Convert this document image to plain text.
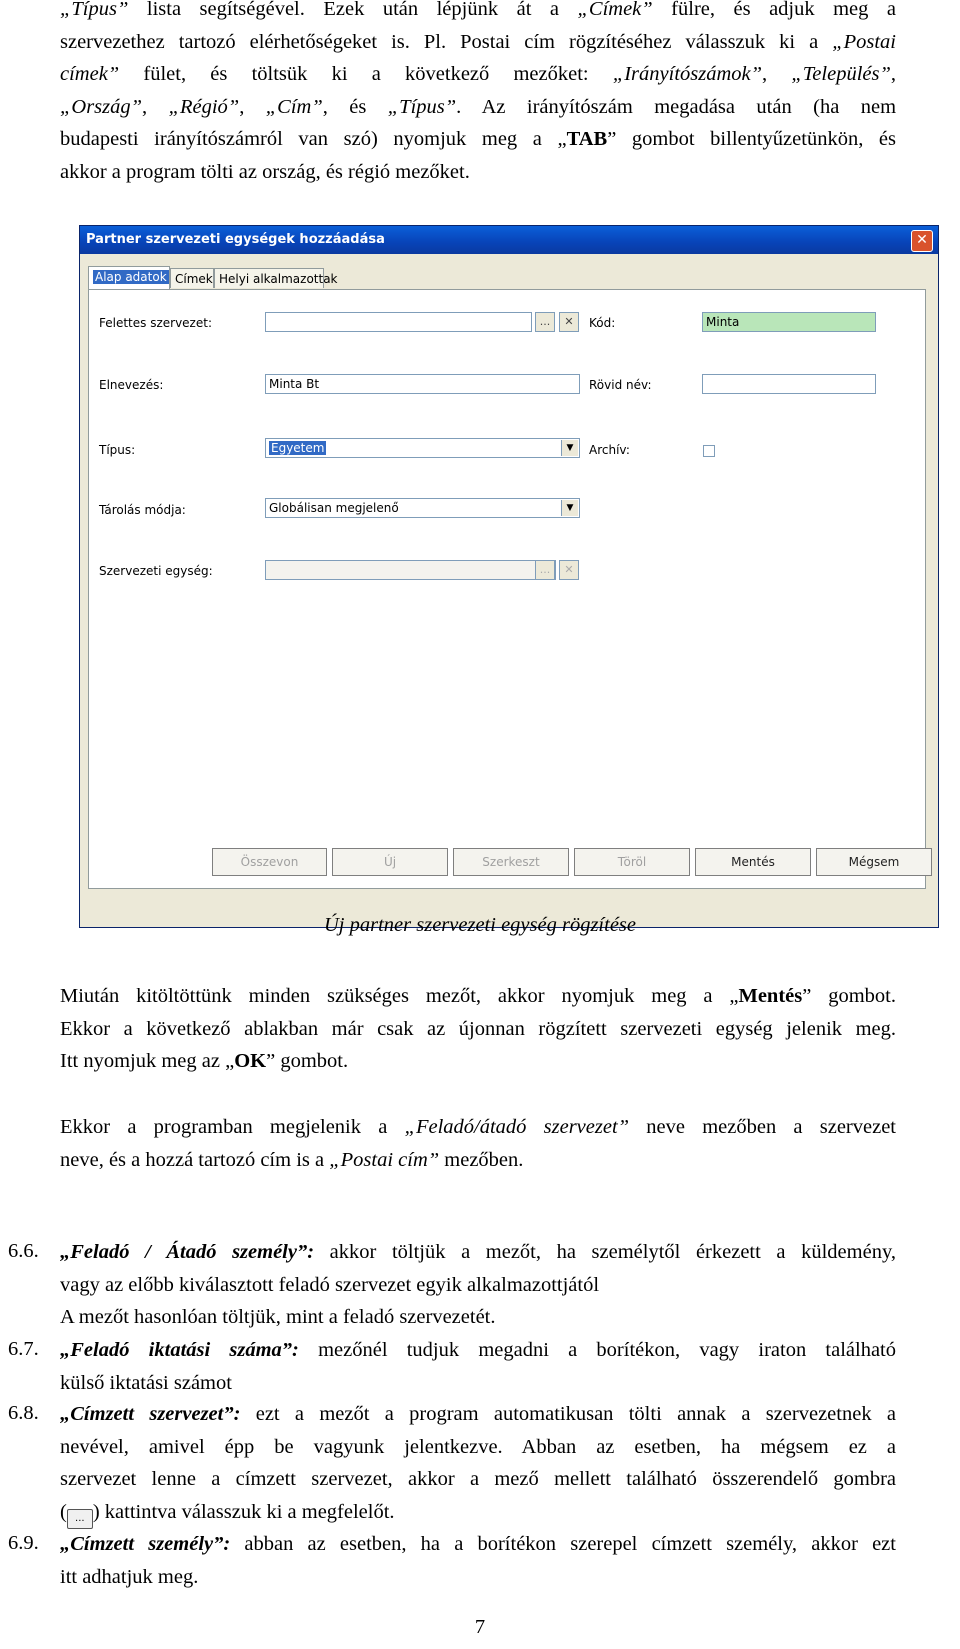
„Típus” lista segítségével. Ezek után lépjünk át a „Címek” fülre, és adjuk meg a
szervezethez tartozó elérhetőségeket is. Pl. Postai cím rögzítéséhez válasszuk ki a „Postai
címek” fület, és töltsük ki a következő mezőket: „Irányítószámok”, „Település”,
„Ország”, „Régió”, „Cím”, és „Típus”. Az irányítószám megadása után (ha nem
budapesti irányítószámról van szó) nyomjuk meg a „TAB” gombot billentyűzetünkön, és
akkor a program tölti az ország, és régió mezőket.
Partner szervezeti egységek hozzáadása	✕
Alap adatok Címek Helyi alkalmazottak
Felettes szervezet:	...	✕	Kód:	Minta
Elnevezés:	Minta Bt	Rövid név:
Típus:	Egyetem	▼	Archív:
Tárolás módja:	Globálisan megjelenő	▼
Szervezeti egység:	...	✕
Összevon	Új	Szerkeszt	Töröl	Mentés	Mégsem
Új partner szervezeti egység rögzítése
Miután kitöltöttünk minden szükséges mezőt, akkor nyomjuk meg a „Mentés” gombot.
Ekkor a következő ablakban már csak az újonnan rögzített szervezeti egység jelenik meg.
Itt nyomjuk meg az „OK” gombot.
Ekkor a programban megjelenik a „Feladó/átadó szervezet” neve mezőben a szervezet
neve, és a hozzá tartozó cím is a „Postai cím” mezőben.
6.6. „Feladó / Átadó személy”: akkor töltjük a mezőt, ha személytől érkezett a küldemény,
vagy az előbb kiválasztott feladó szervezet egyik alkalmazottjától
A mezőt hasonlóan töltjük, mint a feladó szervezetét.
6.7. „Feladó iktatási száma”: mezőnél tudjuk megadni a borítékon, vagy iraton található
külső iktatási számot
6.8. „Címzett szervezet”: ezt a mezőt a program automatikusan tölti annak a szervezetnek a
nevével, amivel épp be vagyunk jelentkezve. Abban az esetben, ha mégsem ez a
szervezet lenne a címzett szervezet, akkor a mező mellett található összerendelő gombra
( ... ) kattintva válasszuk ki a megfelelőt.
6.9. „Címzett személy”: abban az esetben, ha a borítékon szerepel címzett személy, akkor ezt
itt adhatjuk meg.
7
